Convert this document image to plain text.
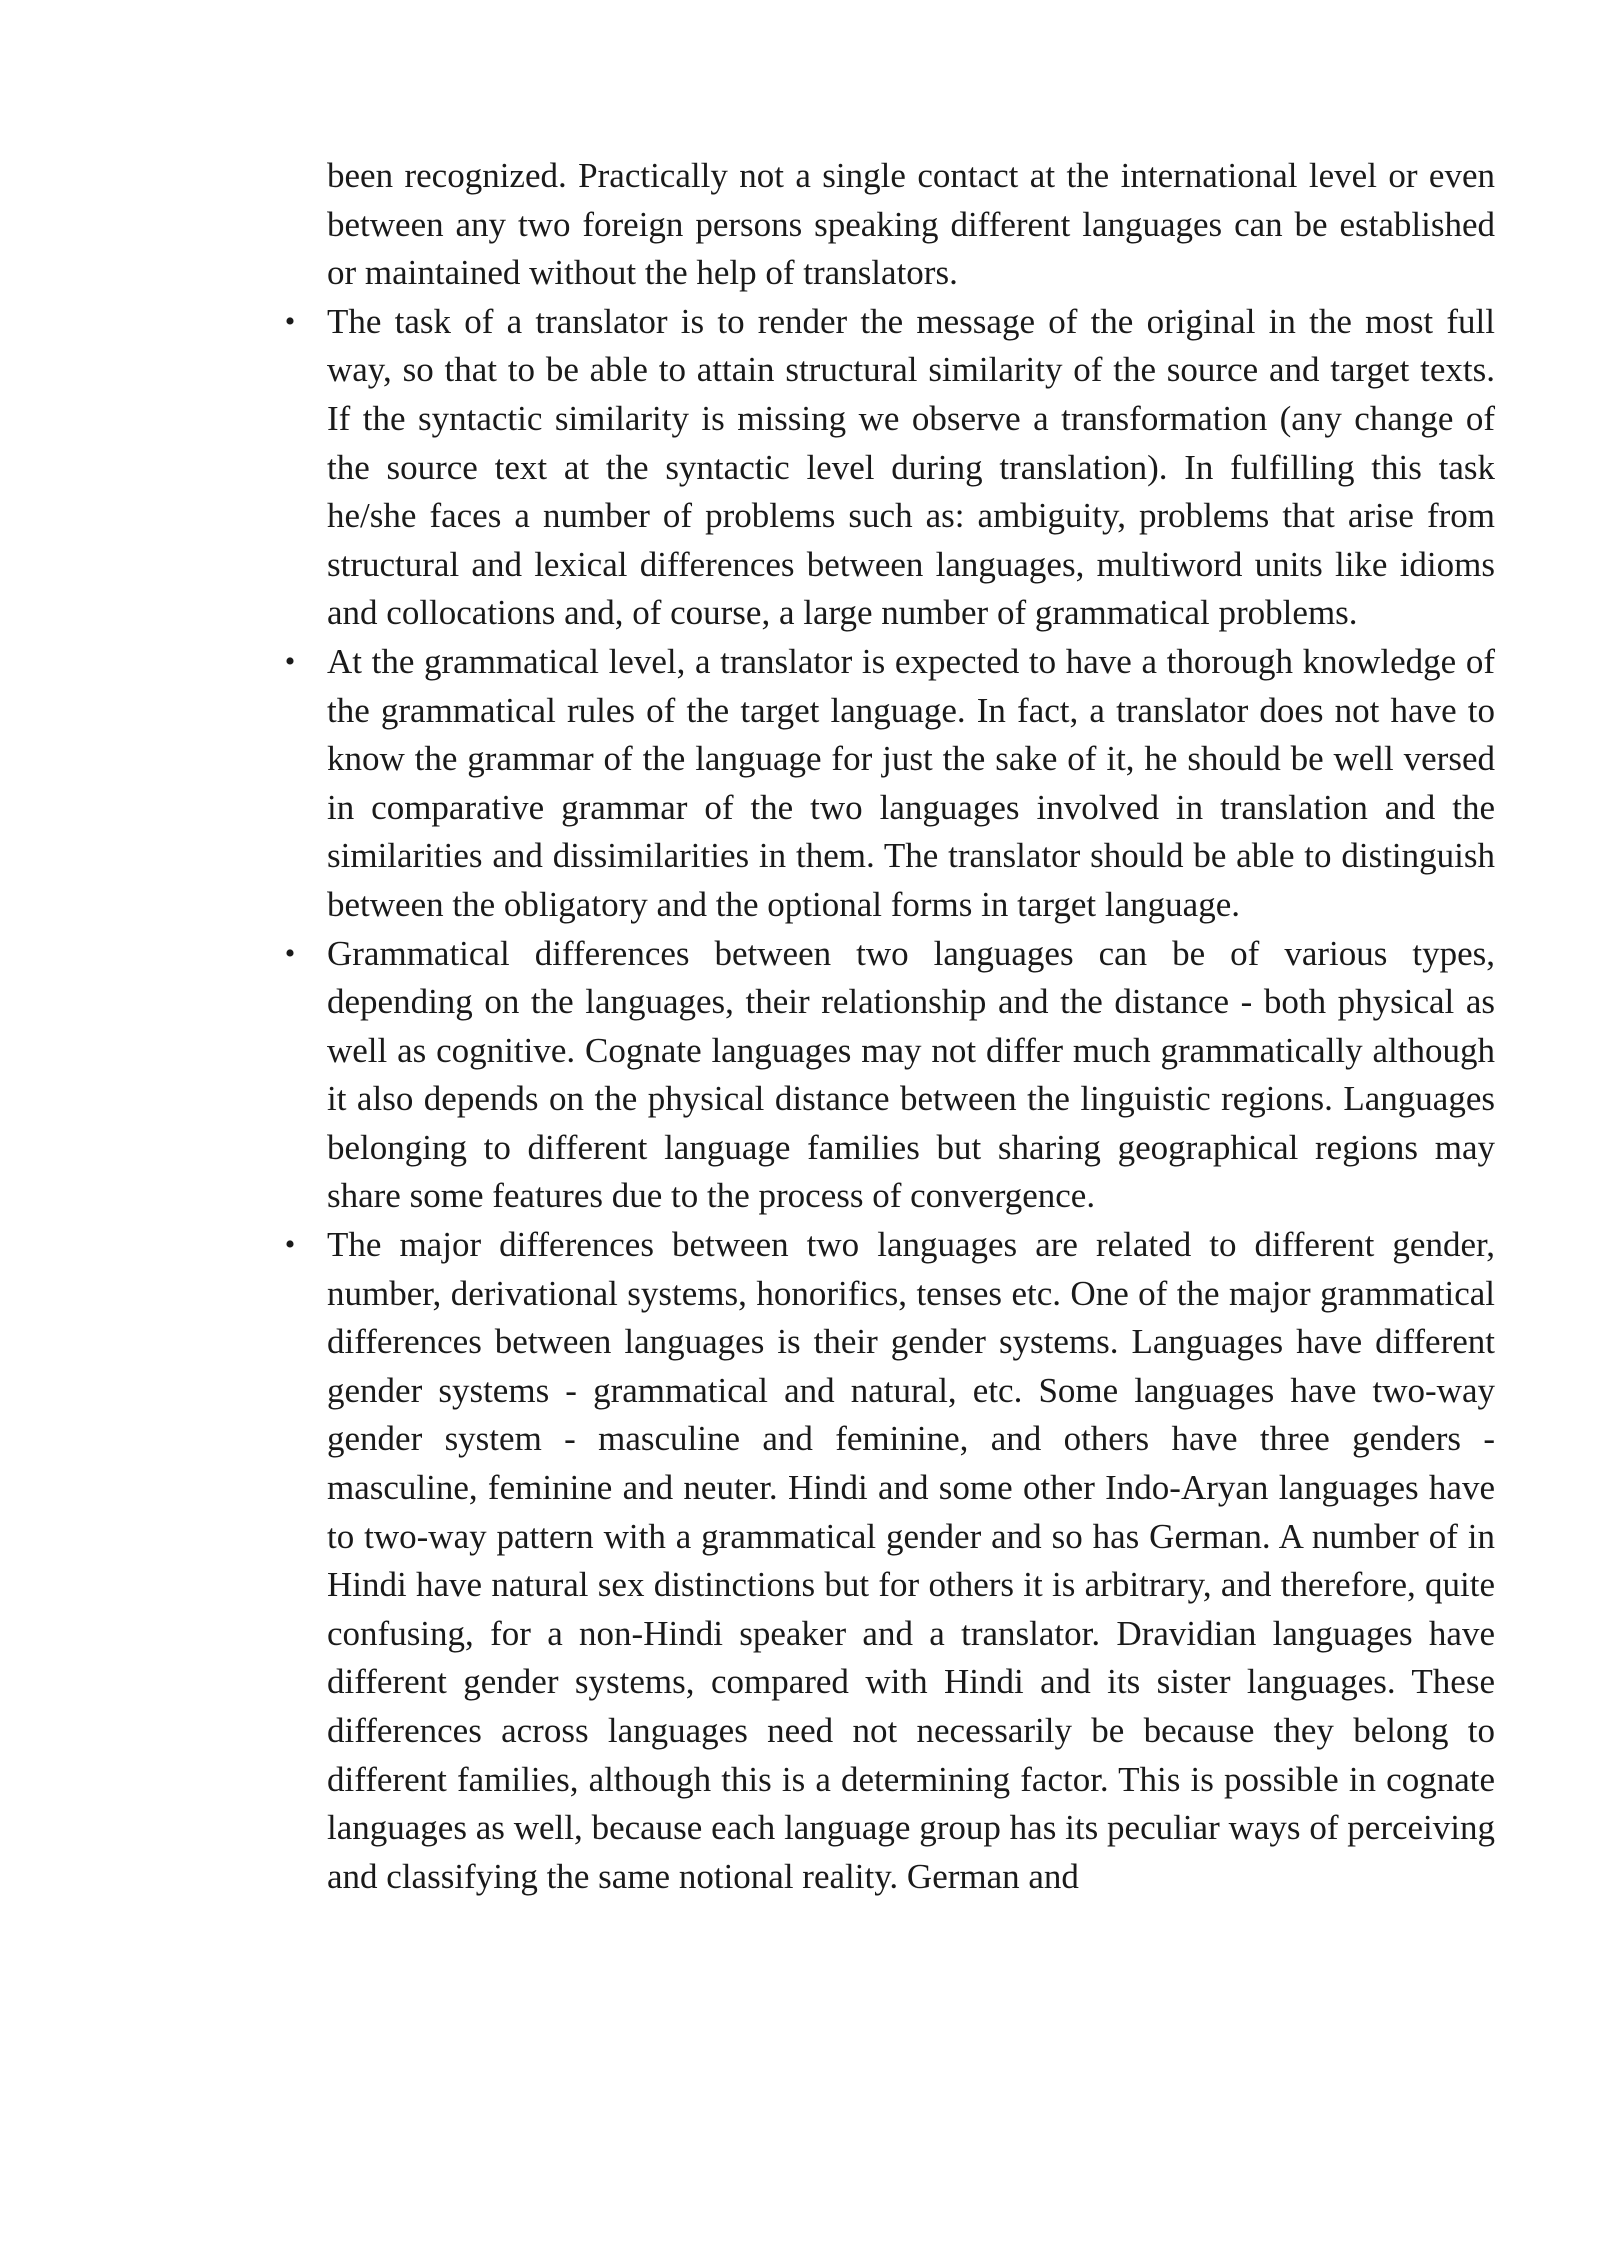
been recognized. Practically not a single contact at the international level or even between any two foreign persons speaking different languages can be established or maintained without the help of translators.

• The task of a translator is to render the message of the original in the most full way, so that to be able to attain structural similarity of the source and target texts. If the syntactic similarity is missing we observe a transformation (any change of the source text at the syntactic level during translation). In fulfilling this task he/she faces a number of problems such as: ambiguity, problems that arise from structural and lexical differences between languages, multiword units like idioms and collocations and, of course, a large number of grammatical problems.
• At the grammatical level, a translator is expected to have a thorough knowledge of the grammatical rules of the target language. In fact, a translator does not have to know the grammar of the language for just the sake of it, he should be well versed in comparative grammar of the two languages involved in translation and the similarities and dissimilarities in them. The translator should be able to distinguish between the obligatory and the optional forms in target language.
• Grammatical differences between two languages can be of various types, depending on the languages, their relationship and the distance - both physical as well as cognitive. Cognate languages may not differ much grammatically although it also depends on the physical distance between the linguistic regions. Languages belonging to different language families but sharing geographical regions may share some features due to the process of convergence.
• The major differences between two languages are related to different gender, number, derivational systems, honorifics, tenses etc. One of the major grammatical differences between languages is their gender systems. Languages have different gender systems - grammatical and natural, etc. Some languages have two-way gender system - masculine and feminine, and others have three genders - masculine, feminine and neuter. Hindi and some other Indo-Aryan languages have to two-way pattern with a grammatical gender and so has German. A number of in Hindi have natural sex distinctions but for others it is arbitrary, and therefore, quite confusing, for a non-Hindi speaker and a translator. Dravidian languages have different gender systems, compared with Hindi and its sister languages. These differences across languages need not necessarily be because they belong to different families, although this is a determining factor. This is possible in cognate languages as well, because each language group has its peculiar ways of perceiving and classifying the same notional reality. German and
